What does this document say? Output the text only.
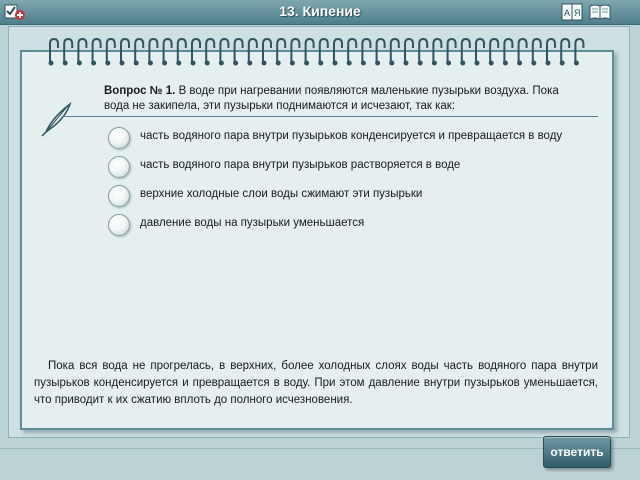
13. Кипение	A Я
Вопрос № 1. В воде при нагревании появляются маленькие пузырьки воздуха. Пока вода не закипела, эти пузырьки поднимаются и исчезают, так как:
часть водяного пара внутри пузырьков конденсируется и превращается в воду
часть водяного пара внутри пузырьков растворяется в воде
верхние холодные слои воды сжимают эти пузырьки
давление воды на пузырьки уменьшается
Пока вся вода не прогрелась, в верхних, более холодных слоях воды часть водяного пара внутри пузырьков конденсируется и превращается в воду. При этом давление внутри пузырьков уменьшается, что приводит к их сжатию вплоть до полного исчезновения.
ответить
